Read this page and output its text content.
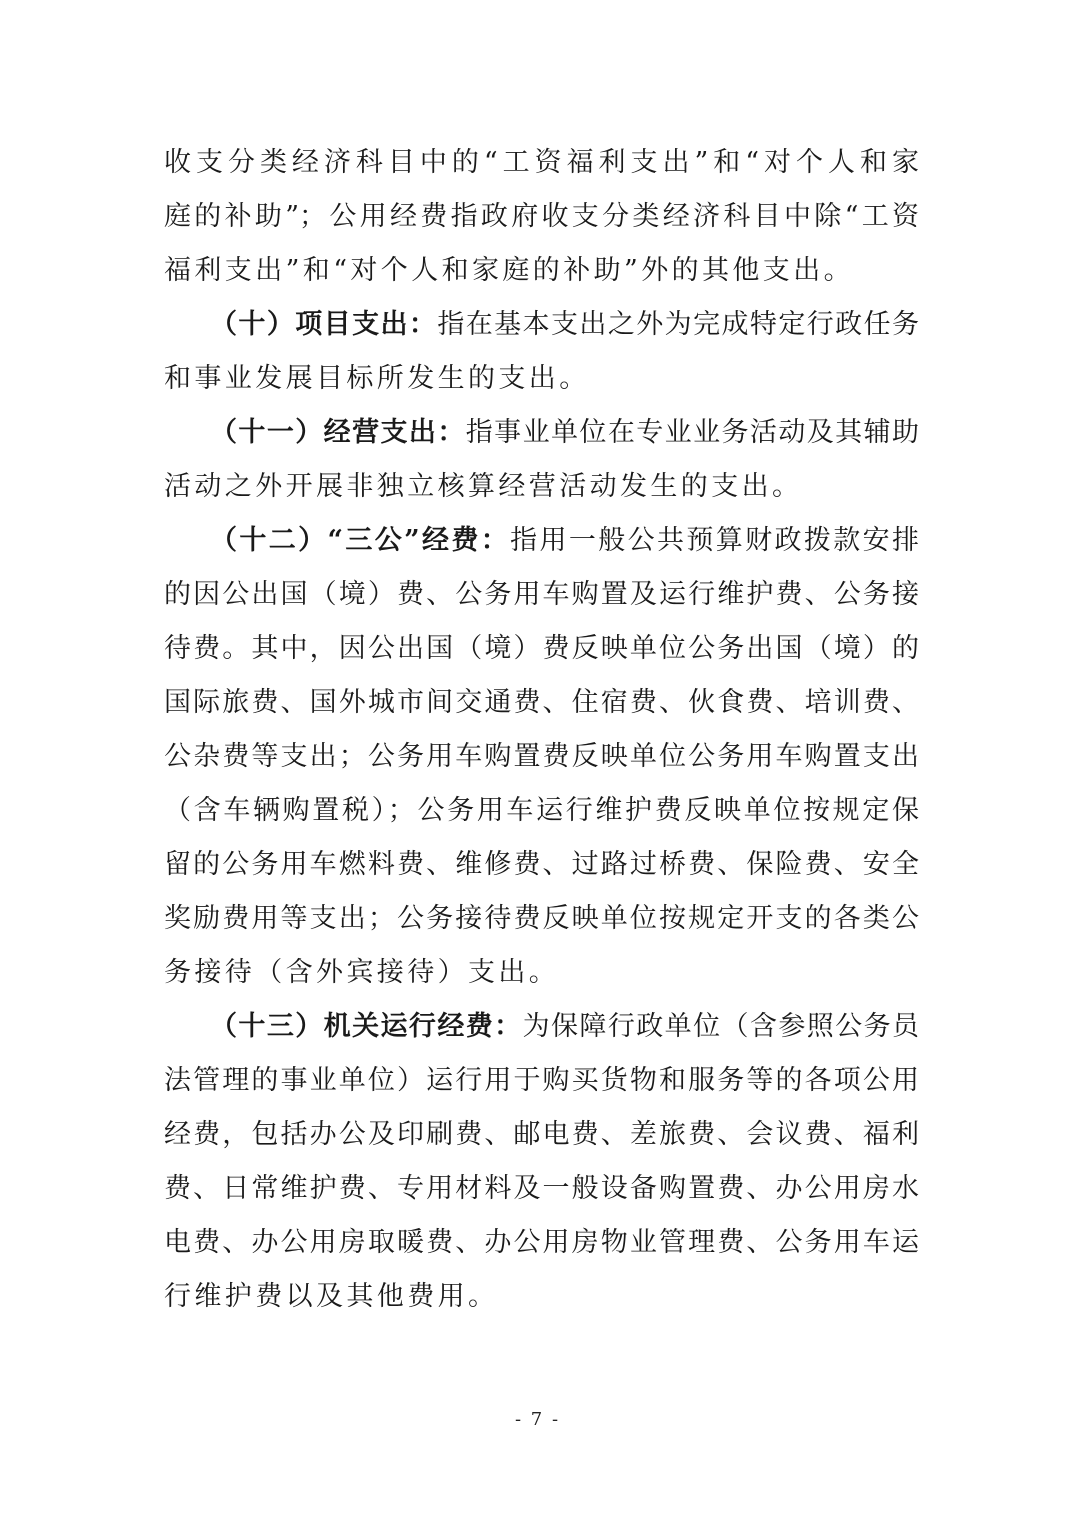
收支分类经济科目中的“工资福利支出”和“对个人和家
庭的补助”；公用经费指政府收支分类经济科目中除“工资
福利支出”和“对个人和家庭的补助”外的其他支出。
（十）项目支出：指在基本支出之外为完成特定行政任务
和事业发展目标所发生的支出。
（十一）经营支出：指事业单位在专业业务活动及其辅助
活动之外开展非独立核算经营活动发生的支出。
（十二）“三公”经费：指用一般公共预算财政拨款安排
的因公出国（境）费、公务用车购置及运行维护费、公务接
待费。其中，因公出国（境）费反映单位公务出国（境）的
国际旅费、国外城市间交通费、住宿费、伙食费、培训费、
公杂费等支出；公务用车购置费反映单位公务用车购置支出
（含车辆购置税）；公务用车运行维护费反映单位按规定保
留的公务用车燃料费、维修费、过路过桥费、保险费、安全
奖励费用等支出；公务接待费反映单位按规定开支的各类公
务接待（含外宾接待）支出。
（十三）机关运行经费：为保障行政单位（含参照公务员
法管理的事业单位）运行用于购买货物和服务等的各项公用
经费，包括办公及印刷费、邮电费、差旅费、会议费、福利
费、日常维护费、专用材料及一般设备购置费、办公用房水
电费、办公用房取暖费、办公用房物业管理费、公务用车运
行维护费以及其他费用。
- 7 -
